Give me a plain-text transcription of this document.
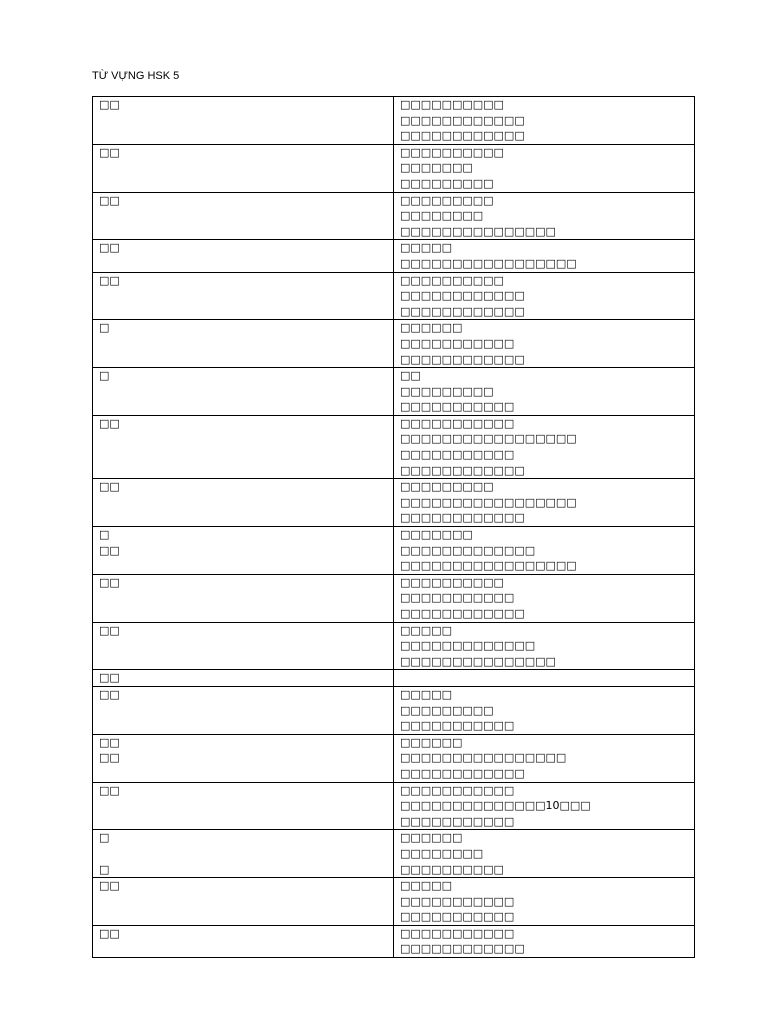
TỪ VỰNG HSK 5
□□	□□□□□□□□□□
□□□□□□□□□□□□
□□□□□□□□□□□□

□□	□□□□□□□□□□
□□□□□□□
□□□□□□□□□

□□	□□□□□□□□□
□□□□□□□□
□□□□□□□□□□□□□□□

□□	□□□□□
□□□□□□□□□□□□□□□□□

□□	□□□□□□□□□□
□□□□□□□□□□□□
□□□□□□□□□□□□

□	□□□□□□
□□□□□□□□□□□
□□□□□□□□□□□□

□	□□
□□□□□□□□□
□□□□□□□□□□□

□□	□□□□□□□□□□□
□□□□□□□□□□□□□□□□□
□□□□□□□□□□□
□□□□□□□□□□□□

□□	□□□□□□□□□
□□□□□□□□□□□□□□□□□
□□□□□□□□□□□□

□
□□	□□□□□□□
□□□□□□□□□□□□□
□□□□□□□□□□□□□□□□□

□□	□□□□□□□□□□
□□□□□□□□□□□
□□□□□□□□□□□□

□□	□□□□□
□□□□□□□□□□□□□
□□□□□□□□□□□□□□□

□□	

□□	□□□□□
□□□□□□□□□
□□□□□□□□□□□

□□
□□	□□□□□□
□□□□□□□□□□□□□□□□
□□□□□□□□□□□□

□□	□□□□□□□□□□□
□□□□□□□□□□□□□□10□□□
□□□□□□□□□□□

□
□	□□□□□□
□□□□□□□□
□□□□□□□□□□

□□	□□□□□
□□□□□□□□□□□
□□□□□□□□□□□

□□	□□□□□□□□□□□
□□□□□□□□□□□□
